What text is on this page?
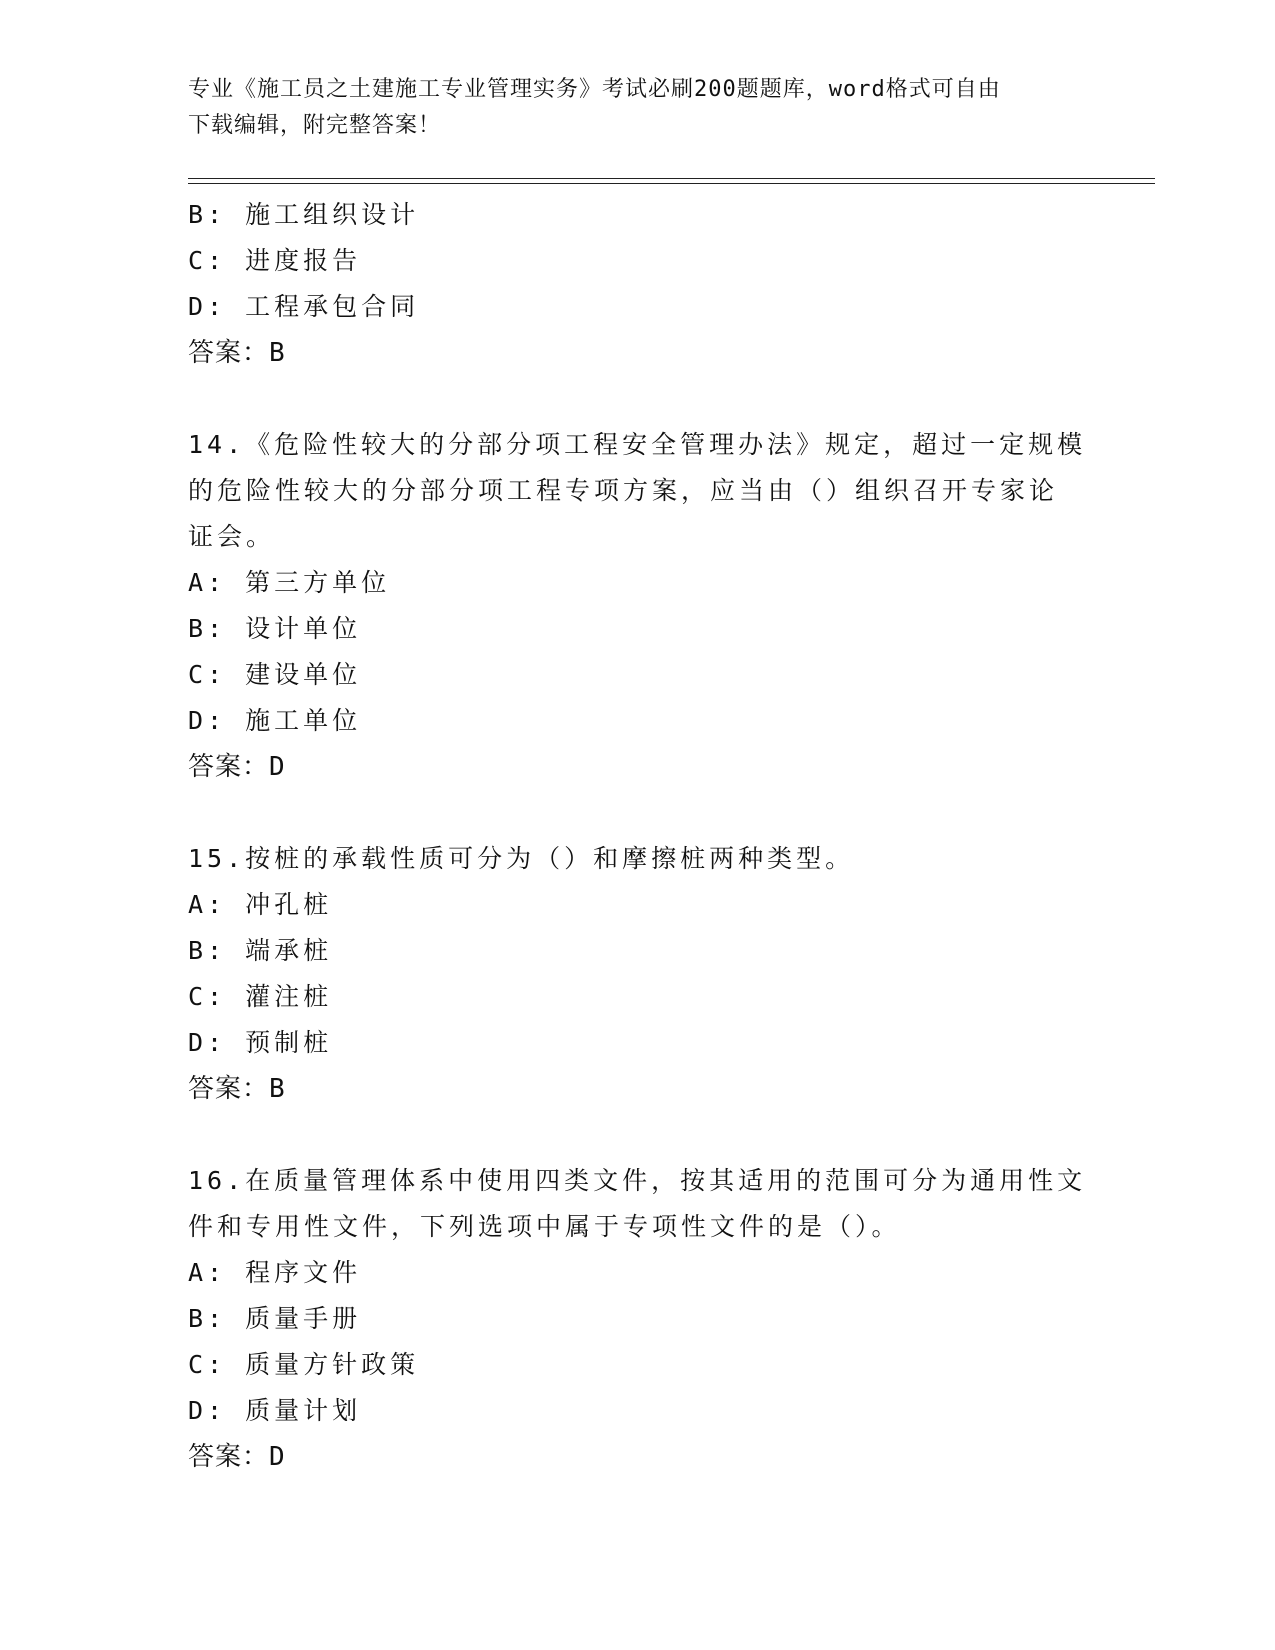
专业《施工员之土建施工专业管理实务》考试必刷200题题库，word格式可自由
下载编辑，附完整答案！
B: 施工组织设计
C: 进度报告
D: 工程承包合同
答案：B
14.《危险性较大的分部分项工程安全管理办法》规定，超过一定规模
的危险性较大的分部分项工程专项方案，应当由（）组织召开专家论
证会。
A: 第三方单位
B: 设计单位
C: 建设单位
D: 施工单位
答案：D
15.按桩的承载性质可分为（）和摩擦桩两种类型。
A: 冲孔桩
B: 端承桩
C: 灌注桩
D: 预制桩
答案：B
16.在质量管理体系中使用四类文件，按其适用的范围可分为通用性文
件和专用性文件，下列选项中属于专项性文件的是（）。
A: 程序文件
B: 质量手册
C: 质量方针政策
D: 质量计划
答案：D
